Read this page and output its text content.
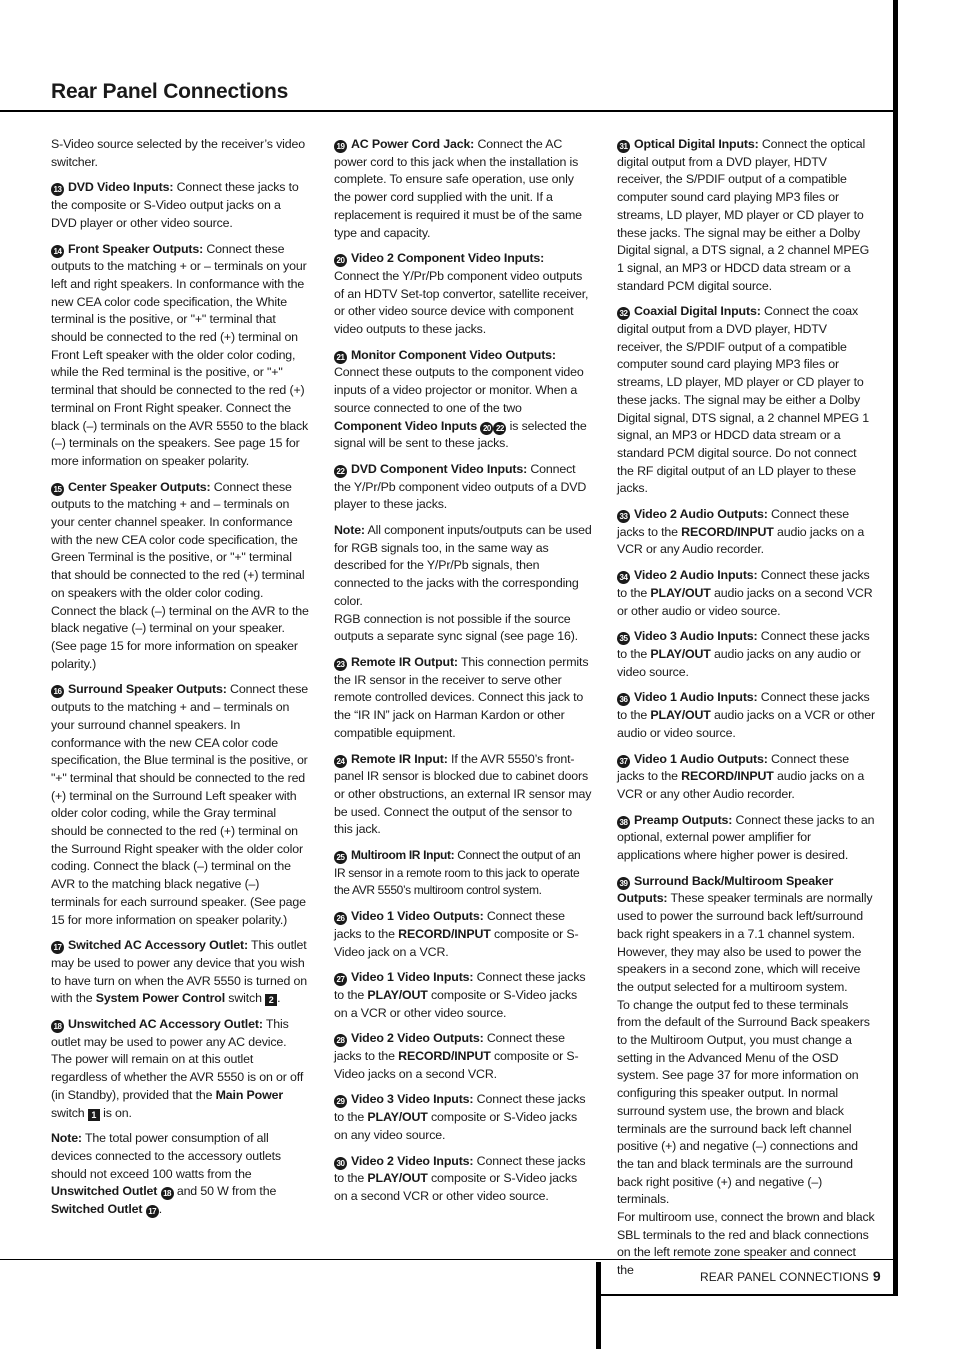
Rear Panel Connections

S-Video source selected by the receiver’s video switcher.

13 DVD Video Inputs: Connect these jacks to the composite or S-Video output jacks on a DVD player or other video source.

14 Front Speaker Outputs: Connect these outputs to the matching + or – terminals on your left and right speakers. In conformance with the new CEA color code specification, the White terminal is the positive, or "+" terminal that should be connected to the red (+) terminal on Front Left speaker with the older color coding, while the Red terminal is the positive, or "+" terminal that should be connected to the red (+) terminal on Front Right speaker. Connect the black (–) terminals on the AVR 5550 to the black (–) terminals on the speakers. See page 15 for more information on speaker polarity.

15 Center Speaker Outputs: Connect these outputs to the matching + and – terminals on your center channel speaker. In conformance with the new CEA color code specification, the Green Terminal is the positive, or "+" terminal that should be connected to the red (+) terminal on speakers with the older color coding. Connect the black (–) terminal on the AVR to the black negative (–) terminal on your speaker. (See page 15 for more information on speaker polarity.)

16 Surround Speaker Outputs: Connect these outputs to the matching + and – terminals on your surround channel speakers. In conformance with the new CEA color code specification, the Blue terminal is the positive, or "+" terminal that should be connected to the red (+) terminal on the Surround Left speaker with older color coding, while the Gray terminal should be connected to the red (+) terminal on the Surround Right speaker with the older color coding. Connect the black (–) terminal on the AVR to the matching black negative (–) terminals for each surround speaker. (See page 15 for more information on speaker polarity.)

17 Switched AC Accessory Outlet: This outlet may be used to power any device that you wish to have turn on when the AVR 5550 is turned on with the System Power Control switch 2 .

18 Unswitched AC Accessory Outlet: This outlet may be used to power any AC device. The power will remain on at this outlet regardless of whether the AVR 5550 is on or off (in Standby), provided that the Main Power switch 1 is on.

Note: The total power consumption of all devices connected to the accessory outlets should not exceed 100 watts from the Unswitched Outlet 18 and 50 W from the Switched Outlet 17 .

19 AC Power Cord Jack: Connect the AC power cord to this jack when the installation is complete. To ensure safe operation, use only the power cord supplied with the unit. If a replacement is required it must be of the same type and capacity.

20 Video 2 Component Video Inputs: Connect the Y/Pr/Pb component video outputs of an HDTV Set-top convertor, satellite receiver, or other video source device with component video outputs to these jacks.

21 Monitor Component Video Outputs: Connect these outputs to the component video inputs of a video projector or monitor. When a source connected to one of the two Component Video Inputs 20 22 is selected the signal will be sent to these jacks.

22 DVD Component Video Inputs: Connect the Y/Pr/Pb component video outputs of a DVD player to these jacks.

Note: All component inputs/outputs can be used for RGB signals too, in the same way as described for the Y/Pr/Pb signals, then connected to the jacks with the corresponding color.
RGB connection is not possible if the source outputs a separate sync signal (see page 16).

23 Remote IR Output: This connection permits the IR sensor in the receiver to serve other remote controlled devices. Connect this jack to the “IR IN” jack on Harman Kardon or other compatible equipment.

24 Remote IR Input: If the AVR 5550’s front-panel IR sensor is blocked due to cabinet doors or other obstructions, an external IR sensor may be used. Connect the output of the sensor to this jack.

25 Multiroom IR Input: Connect the output of an IR sensor in a remote room to this jack to operate the AVR 5550’s multiroom control system.

26 Video 1 Video Outputs: Connect these jacks to the RECORD/INPUT composite or S-Video jack on a VCR.

27 Video 1 Video Inputs: Connect these jacks to the PLAY/OUT composite or S-Video jacks on a VCR or other video source.

28 Video 2 Video Outputs: Connect these jacks to the RECORD/INPUT composite or S-Video jacks on a second VCR.

29 Video 3 Video Inputs: Connect these jacks to the PLAY/OUT composite or S-Video jacks on any video source.

30 Video 2 Video Inputs: Connect these jacks to the PLAY/OUT composite or S-Video jacks on a second VCR or other video source.

31 Optical Digital Inputs: Connect the optical digital output from a DVD player, HDTV receiver, the S/PDIF output of a compatible computer sound card playing MP3 files or streams, LD player, MD player or CD player to these jacks. The signal may be either a Dolby Digital signal, a DTS signal, a 2 channel MPEG 1 signal, an MP3 or HDCD data stream or a standard PCM digital source.

32 Coaxial Digital Inputs: Connect the coax digital output from a DVD player, HDTV receiver, the S/PDIF output of a compatible computer sound card playing MP3 files or streams, LD player, MD player or CD player to these jacks. The signal may be either a Dolby Digital signal, DTS signal, a 2 channel MPEG 1 signal, an MP3 or HDCD data stream or a standard PCM digital source. Do not connect the RF digital output of an LD player to these jacks.

33 Video 2 Audio Outputs: Connect these jacks to the RECORD/INPUT audio jacks on a VCR or any Audio recorder.

34 Video 2 Audio Inputs: Connect these jacks to the PLAY/OUT audio jacks on a second VCR or other audio or video source.

35 Video 3 Audio Inputs: Connect these jacks to the PLAY/OUT audio jacks on any audio or video source.

36 Video 1 Audio Inputs: Connect these jacks to the PLAY/OUT audio jacks on a VCR or other audio or video source.

37 Video 1 Audio Outputs: Connect these jacks to the RECORD/INPUT audio jacks on a VCR or any other Audio recorder.

38 Preamp Outputs: Connect these jacks to an optional, external power amplifier for applications where higher power is desired.

39 Surround Back/Multiroom Speaker Outputs: These speaker terminals are normally used to power the surround back left/surround back right speakers in a 7.1 channel system. However, they may also be used to power the speakers in a second zone, which will receive the output selected for a multiroom system.
To change the output fed to these terminals from the default of the Surround Back speakers to the Multiroom Output, you must change a setting in the Advanced Menu of the OSD system. See page 37 for more information on configuring this speaker output. In normal surround system use, the brown and black terminals are the surround back left channel positive (+) and negative (–) connections and the tan and black terminals are the surround back right positive (+) and negative (–) terminals.
For multiroom use, connect the brown and black SBL terminals to the red and black connections on the left remote zone speaker and connect the	REAR PANEL CONNECTIONS 9
